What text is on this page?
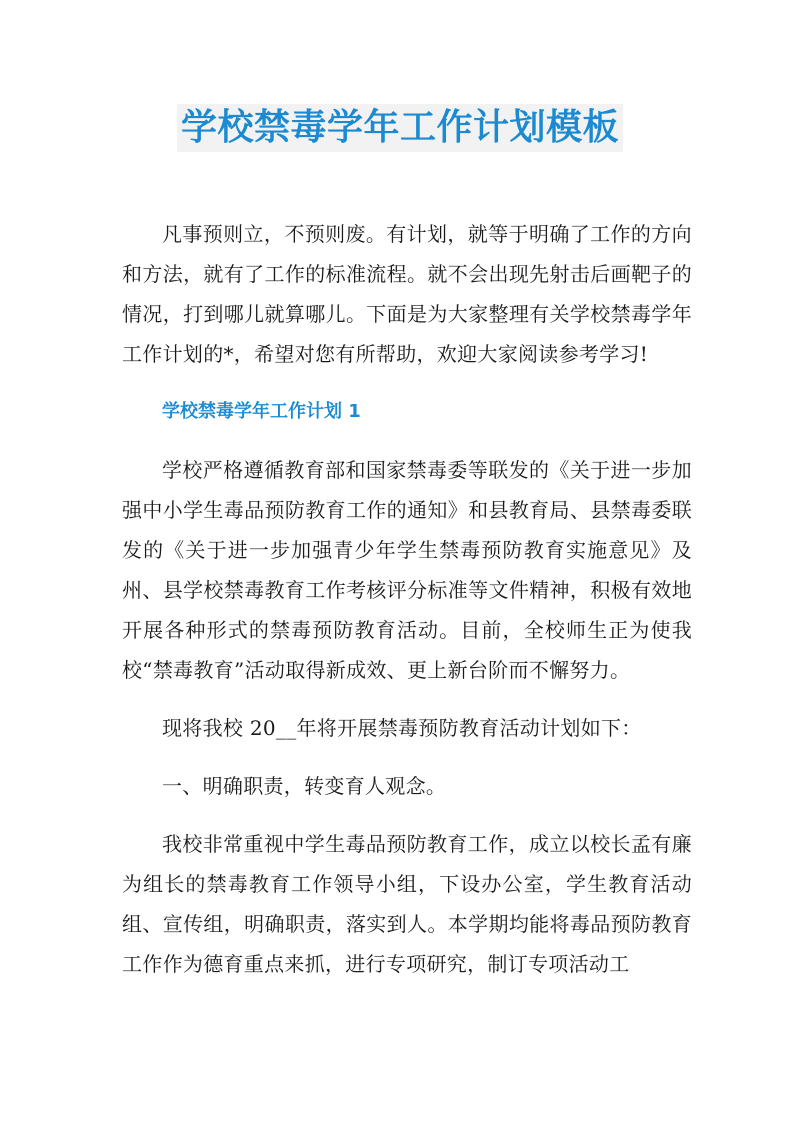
学校禁毒学年工作计划模板

凡事预则立，不预则废。有计划，就等于明确了工作的方向和方法，就有了工作的标准流程。就不会出现先射击后画靶子的情况，打到哪儿就算哪儿。下面是为大家整理有关学校禁毒学年工作计划的*，希望对您有所帮助，欢迎大家阅读参考学习!

学校禁毒学年工作计划 1

学校严格遵循教育部和国家禁毒委等联发的《关于进一步加强中小学生毒品预防教育工作的通知》和县教育局、县禁毒委联发的《关于进一步加强青少年学生禁毒预防教育实施意见》及州、县学校禁毒教育工作考核评分标准等文件精神，积极有效地开展各种形式的禁毒预防教育活动。目前，全校师生正为使我校“禁毒教育”活动取得新成效、更上新台阶而不懈努力。

现将我校 20__年将开展禁毒预防教育活动计划如下：

一、明确职责，转变育人观念。

我校非常重视中学生毒品预防教育工作，成立以校长孟有廉为组长的禁毒教育工作领导小组，下设办公室，学生教育活动组、宣传组，明确职责，落实到人。本学期均能将毒品预防教育工作作为德育重点来抓，进行专项研究，制订专项活动工
